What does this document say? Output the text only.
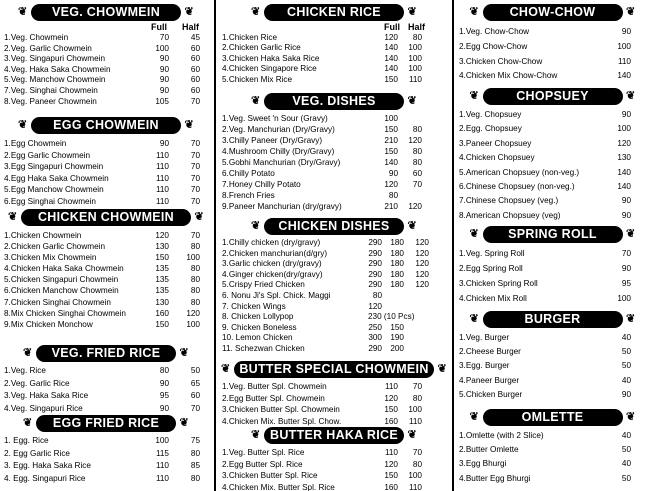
VEG. CHOWMEIN
❦	❦
Full Half
1.Veg. Chowmein	70	45
2.Veg. Garlic Chowmein	100	60
3.Veg. Singapuri Chowmein	90	60
4.Veg. Haka Saka Chowmein	90	60
5.Veg. Manchow Chowmein	90	60
7.Veg. Singhai Chowmein	90	60
8.Veg. Paneer Chowmein	105	70
EGG CHOWMEIN
❦	❦
1.Egg Chowmein	90	70
2.Egg Garlic Chowmein	110	70
3.Egg Singapuri Chowmein	110	70
4.Egg Haka Saka Chowmein	110	70
5.Egg Manchow Chowmein	110	70
6.Egg Singhai Chowmein	110	70
CHICKEN CHOWMEIN
❦	❦
1.Chicken Chowmein	120	70
2.Chicken Garlic Chowmein	130	80
3.Chicken Mix Chowmein	150 100
4.Chicken Haka Saka Chowmein	135	80
5.Chicken Singapuri Chowmein	135	80
6.Chicken Manchow Chowmein	135	80
7.Chicken Singhai Chowmein	130	80
8.Mix Chicken Singhai Chowmein	160 120
9.Mix Chicken Monchow	150 100
VEG. FRIED RICE
❦	❦
1.Veg. Rice	80	50
2.Veg. Garlic Rice	90	65
3.Veg. Haka Saka Rice	95	60
4.Veg. Singapuri Rice	90	70
EGG FRIED RICE
❦	❦
1. Egg. Rice	100	75
2. Egg Garlic Rice	115	80
3. Egg. Haka Saka Rice	110	85
4. Egg. Singapuri Rice	110	80
CHICKEN RICE
❦	❦
Full Half
1.Chicken Rice	120 80
2.Chicken Garlic Rice	140 100
3.Chicken Haka Saka Rice	140 100
4.Chicken Singapore Rice	140 100
5.Chicken Mix Rice	150 110
VEG. DISHES
❦	❦
1.Veg. Sweet 'n Sour (Gravy)	100
2.Veg. Manchurian (Dry/Gravy)	150 80
3.Chilly Paneer (Dry/Gravy)	210 120
4.Mushroom Chilly (Dry/Gravy)	150 80
5.Gobhi Manchurian (Dry/Gravy)	140 80
6.Chilly Potato	90 60
7.Honey Chilly Potato	120 70
8.French Fries	80
9.Paneer Manchurian (dry/gravy)	210 120
CHICKEN DISHES
❦	❦
1.Chilly chicken (dry/gravy)	290 180 120
2.Chicken manchurian(d/gry)	290 180 120
3.Garlic chicken (dry/gravy)	290 180 120
4.Ginger chicken(dry/gravy)	290 180 120
5.Crispy Fried Chicken	290 180 120
6. Nonu Ji's Spl. Chick. Maggi	80
7. Chicken Wings	120
8. Chicken Lollypop	230 (10 Pcs)
9. Chicken Boneless	250 150
10. Lemon Chicken	300 190
11. Schezwan Chicken	290 200
BUTTER SPECIAL CHOWMEIN
❦	❦
1.Veg. Butter Spl. Chowmein	110 70
2.Egg Butter Spl. Chowmein	120 80
3.Chicken Butter Spl. Chowmein	150 100
4.Chicken Mix. Butter Spl. Chow.	160 110
BUTTER HAKA RICE
❦	❦
1.Veg. Butter Spl. Rice	110 70
2.Egg Butter Spl. Rice	120 80
3.Chicken Butter Spl. Rice	150 100
4.Chicken Mix. Butter Spl. Rice	160 110
CHOW-CHOW
❦	❦
1.Veg. Chow-Chow	90
2.Egg Chow-Chow	100
3.Chicken Chow-Chow	110
4.Chicken Mix Chow-Chow	140
CHOPSUEY
❦	❦
1.Veg. Chopsuey	90
2.Egg. Chopsuey	100
3.Paneer Chopsuey	120
4.Chicken Chopsuey	130
5.American Chopsuey (non-veg.)	140
6.Chinese Chopsuey (non-veg.)	140
7.Chinese Chopsuey (veg.)	90
8.American Chopsuey (veg)	90
SPRING ROLL
❦	❦
1.Veg. Spring Roll	70
2.Egg Spring Roll	90
3.Chicken Spring Roll	95
4.Chicken Mix Roll	100
BURGER
❦	❦
1.Veg. Burger	40
2.Cheese Burger	50
3.Egg. Burger	50
4.Paneer Burger	40
5.Chicken Burger	90
OMLETTE
❦	❦
1.Omlette (with 2 Slice)	40
2.Butter Omlette	50
3.Egg Bhurgi	40
4.Butter Egg Bhurgi	50
